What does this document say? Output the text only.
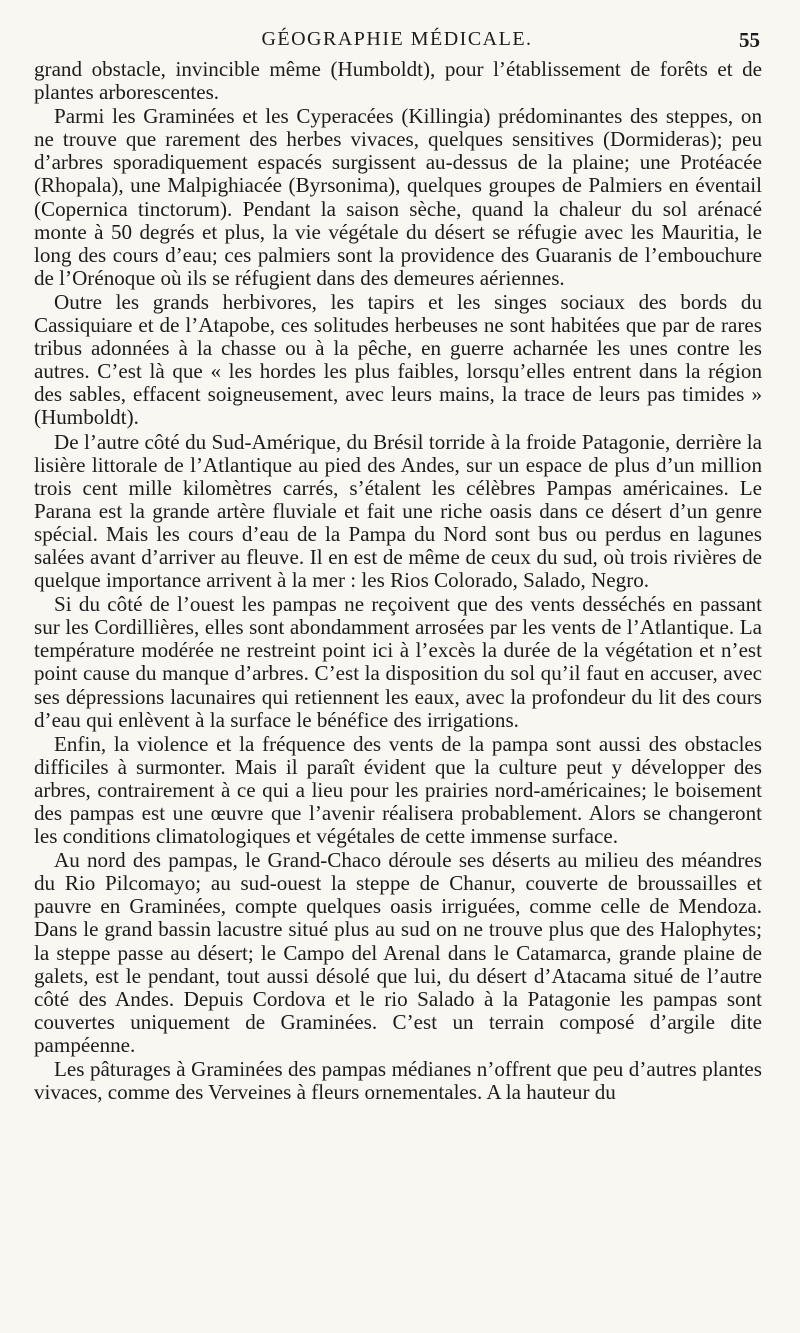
GÉOGRAPHIE MÉDICALE.	55

grand obstacle, invincible même (Humboldt), pour l’établissement de forêts et de plantes arborescentes.

Parmi les Graminées et les Cyperacées (Killingia) prédominantes des steppes, on ne trouve que rarement des herbes vivaces, quelques sensitives (Dormideras); peu d’arbres sporadiquement espacés surgissent au-dessus de la plaine; une Protéacée (Rhopala), une Malpighiacée (Byrsonima), quelques groupes de Palmiers en éventail (Copernica tinctorum). Pendant la saison sèche, quand la chaleur du sol arénacé monte à 50 degrés et plus, la vie végétale du désert se réfugie avec les Mauritia, le long des cours d’eau; ces palmiers sont la providence des Guaranis de l’embouchure de l’Orénoque où ils se réfugient dans des demeures aériennes.

Outre les grands herbivores, les tapirs et les singes sociaux des bords du Cassiquiare et de l’Atapobe, ces solitudes herbeuses ne sont habitées que par de rares tribus adonnées à la chasse ou à la pêche, en guerre acharnée les unes contre les autres. C’est là que « les hordes les plus faibles, lorsqu’elles entrent dans la région des sables, effacent soigneusement, avec leurs mains, la trace de leurs pas timides » (Humboldt).

De l’autre côté du Sud-Amérique, du Brésil torride à la froide Patagonie, derrière la lisière littorale de l’Atlantique au pied des Andes, sur un espace de plus d’un million trois cent mille kilomètres carrés, s’étalent les célèbres Pampas américaines. Le Parana est la grande artère fluviale et fait une riche oasis dans ce désert d’un genre spécial. Mais les cours d’eau de la Pampa du Nord sont bus ou perdus en lagunes salées avant d’arriver au fleuve. Il en est de même de ceux du sud, où trois rivières de quelque importance arrivent à la mer : les Rios Colorado, Salado, Negro.

Si du côté de l’ouest les pampas ne reçoivent que des vents desséchés en passant sur les Cordillières, elles sont abondamment arrosées par les vents de l’Atlantique. La température modérée ne restreint point ici à l’excès la durée de la végétation et n’est point cause du manque d’arbres. C’est la disposition du sol qu’il faut en accuser, avec ses dépressions lacunaires qui retiennent les eaux, avec la profondeur du lit des cours d’eau qui enlèvent à la surface le bénéfice des irrigations.

Enfin, la violence et la fréquence des vents de la pampa sont aussi des obstacles difficiles à surmonter. Mais il paraît évident que la culture peut y développer des arbres, contrairement à ce qui a lieu pour les prairies nord-américaines; le boisement des pampas est une œuvre que l’avenir réalisera probablement. Alors se changeront les conditions climatologiques et végétales de cette immense surface.

Au nord des pampas, le Grand-Chaco déroule ses déserts au milieu des méandres du Rio Pilcomayo; au sud-ouest la steppe de Chanur, couverte de broussailles et pauvre en Graminées, compte quelques oasis irriguées, comme celle de Mendoza. Dans le grand bassin lacustre situé plus au sud on ne trouve plus que des Halophytes; la steppe passe au désert; le Campo del Arenal dans le Catamarca, grande plaine de galets, est le pendant, tout aussi désolé que lui, du désert d’Atacama situé de l’autre côté des Andes. Depuis Cordova et le rio Salado à la Patagonie les pampas sont couvertes uniquement de Graminées. C’est un terrain composé d’argile dite pampéenne.

Les pâturages à Graminées des pampas médianes n’offrent que peu d’autres plantes vivaces, comme des Verveines à fleurs ornementales. A la hauteur du
